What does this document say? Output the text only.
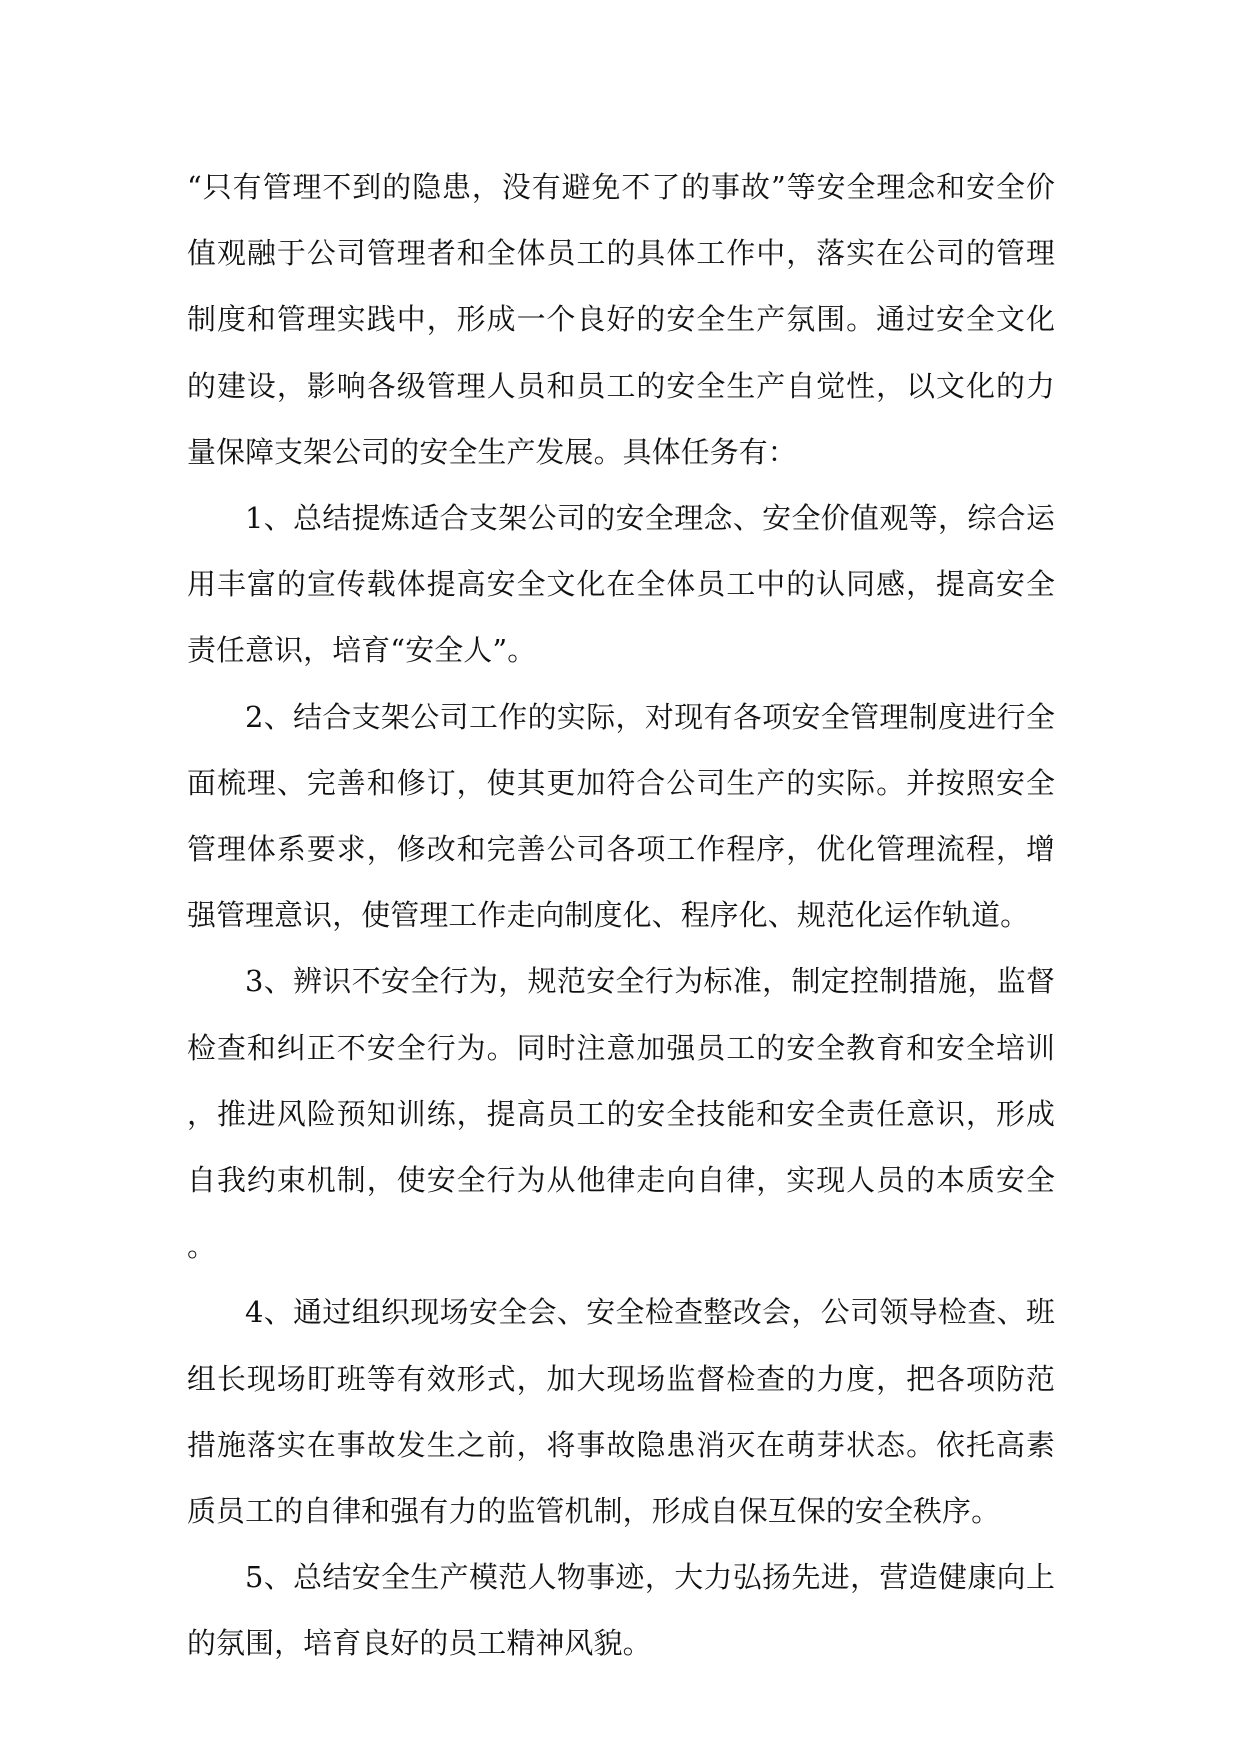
“只有管理不到的隐患，没有避免不了的事故”等安全理念和安全价值观融于公司管理者和全体员工的具体工作中，落实在公司的管理制度和管理实践中，形成一个良好的安全生产氛围。通过安全文化的建设，影响各级管理人员和员工的安全生产自觉性，以文化的力量保障支架公司的安全生产发展。具体任务有：

1、总结提炼适合支架公司的安全理念、安全价值观等，综合运用丰富的宣传载体提高安全文化在全体员工中的认同感，提高安全责任意识，培育“安全人”。

2、结合支架公司工作的实际，对现有各项安全管理制度进行全面梳理、完善和修订，使其更加符合公司生产的实际。并按照安全管理体系要求，修改和完善公司各项工作程序，优化管理流程，增强管理意识，使管理工作走向制度化、程序化、规范化运作轨道。

3、辨识不安全行为，规范安全行为标准，制定控制措施，监督检查和纠正不安全行为。同时注意加强员工的安全教育和安全培训，推进风险预知训练，提高员工的安全技能和安全责任意识，形成自我约束机制，使安全行为从他律走向自律，实现人员的本质安全。

4、通过组织现场安全会、安全检查整改会，公司领导检查、班组长现场盯班等有效形式，加大现场监督检查的力度，把各项防范措施落实在事故发生之前，将事故隐患消灭在萌芽状态。依托高素质员工的自律和强有力的监管机制，形成自保互保的安全秩序。

5、总结安全生产模范人物事迹，大力弘扬先进，营造健康向上的氛围，培育良好的员工精神风貌。
